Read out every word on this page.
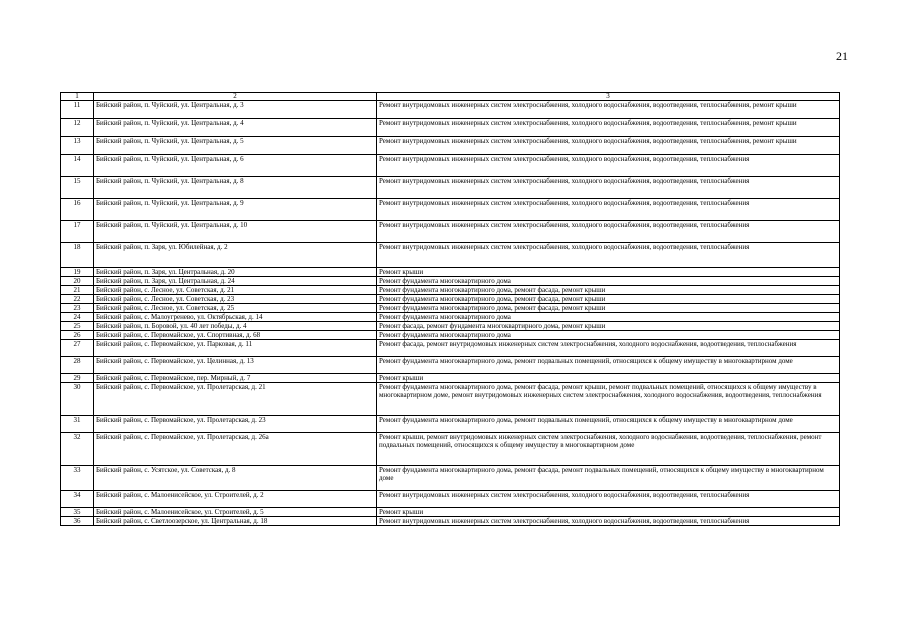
21
1	2	3
11	Бийский район, п. Чуйский, ул. Центральная, д. 3	Ремонт внутридомовых инженерных систем электроснабжения, холодного водоснабжения, водоотведения, теплоснабжения, ремонт крыши
12	Бийский район, п. Чуйский, ул. Центральная, д. 4	Ремонт внутридомовых инженерных систем электроснабжения, холодного водоснабжения, водоотведения, теплоснабжения, ремонт крыши
13	Бийский район, п. Чуйский, ул. Центральная, д. 5	Ремонт внутридомовых инженерных систем электроснабжения, холодного водоснабжения, водоотведения, теплоснабжения, ремонт крыши
14	Бийский район, п. Чуйский, ул. Центральная, д. 6	Ремонт внутридомовых инженерных систем электроснабжения, холодного водоснабжения, водоотведения, теплоснабжения
15	Бийский район, п. Чуйский, ул. Центральная, д. 8	Ремонт внутридомовых инженерных систем электроснабжения, холодного водоснабжения, водоотведения, теплоснабжения
16	Бийский район, п. Чуйский, ул. Центральная, д. 9	Ремонт внутридомовых инженерных систем электроснабжения, холодного водоснабжения, водоотведения, теплоснабжения
17	Бийский район, п. Чуйский, ул. Центральная, д. 10	Ремонт внутридомовых инженерных систем электроснабжения, холодного водоснабжения, водоотведения, теплоснабжения
18	Бийский район, п. Заря, ул. Юбилейная, д. 2	Ремонт внутридомовых инженерных систем электроснабжения, холодного водоснабжения, водоотведения, теплоснабжения
19	Бийский район, п. Заря, ул. Центральная, д. 20	Ремонт крыши
20	Бийский район, п. Заря, ул. Центральная, д. 24	Ремонт фундамента многоквартирного дома
21	Бийский район, с. Лесное, ул. Советская, д. 21	Ремонт фундамента многоквартирного дома, ремонт фасада, ремонт крыши
22	Бийский район, с. Лесное, ул. Советская, д. 23	Ремонт фундамента многоквартирного дома, ремонт фасада, ремонт крыши
23	Бийский район, с. Лесное, ул. Советская, д. 25	Ремонт фундамента многоквартирного дома, ремонт фасада, ремонт крыши
24	Бийский район, с. Малоугренево, ул. Октябрьская, д. 14	Ремонт фундамента многоквартирного дома
25	Бийский район, п. Боровой, ул. 40 лет победы, д. 4	Ремонт фасада, ремонт фундамента многоквартирного дома, ремонт крыши
26	Бийский район, с. Первомайское, ул. Спортивная, д. 68	Ремонт фундамента многоквартирного дома
27	Бийский район, с. Первомайское, ул. Парковая, д. 11	Ремонт фасада, ремонт внутридомовых инженерных систем электроснабжения, холодного водоснабжения, водоотведения, теплоснабжения
28	Бийский район, с. Первомайское, ул. Целинная, д. 13	Ремонт фундамента многоквартирного дома, ремонт подвальных помещений, относящихся к общему имуществу в многоквартирном доме
29	Бийский район, с. Первомайское, пер. Мирный, д. 7	Ремонт крыши
30	Бийский район, с. Первомайское, ул. Пролетарская, д. 21	Ремонт фундамента многоквартирного дома, ремонт фасада, ремонт крыши, ремонт подвальных помещений, относящихся к общему имуществу в многоквартирном доме, ремонт внутридомовых инженерных систем электроснабжения, холодного водоснабжения, водоотведения, теплоснабжения
31	Бийский район, с. Первомайское, ул. Пролетарская, д. 23	Ремонт фундамента многоквартирного дома, ремонт подвальных помещений, относящихся к общему имуществу в многоквартирном доме
32	Бийский район, с. Первомайское, ул. Пролетарская, д. 26а	Ремонт крыши, ремонт внутридомовых инженерных систем электроснабжения, холодного водоснабжения, водоотведения, теплоснабжения, ремонт подвальных помещений, относящихся к общему имуществу в многоквартирном доме
33	Бийский район, с. Усятское, ул. Советская, д. 8	Ремонт фундамента многоквартирного дома, ремонт фасада, ремонт подвальных помещений, относящихся к общему имуществу в многоквартирном доме
34	Бийский район, с. Малоенисейское, ул. Строителей, д. 2	Ремонт внутридомовых инженерных систем электроснабжения, холодного водоснабжения, водоотведения, теплоснабжения
35	Бийский район, с. Малоенисейское, ул. Строителей, д. 5	Ремонт крыши
36	Бийский район, с. Светлоозерское, ул. Центральная, д. 18	Ремонт внутридомовых инженерных систем электроснабжения, холодного водоснабжения, водоотведения, теплоснабжения
